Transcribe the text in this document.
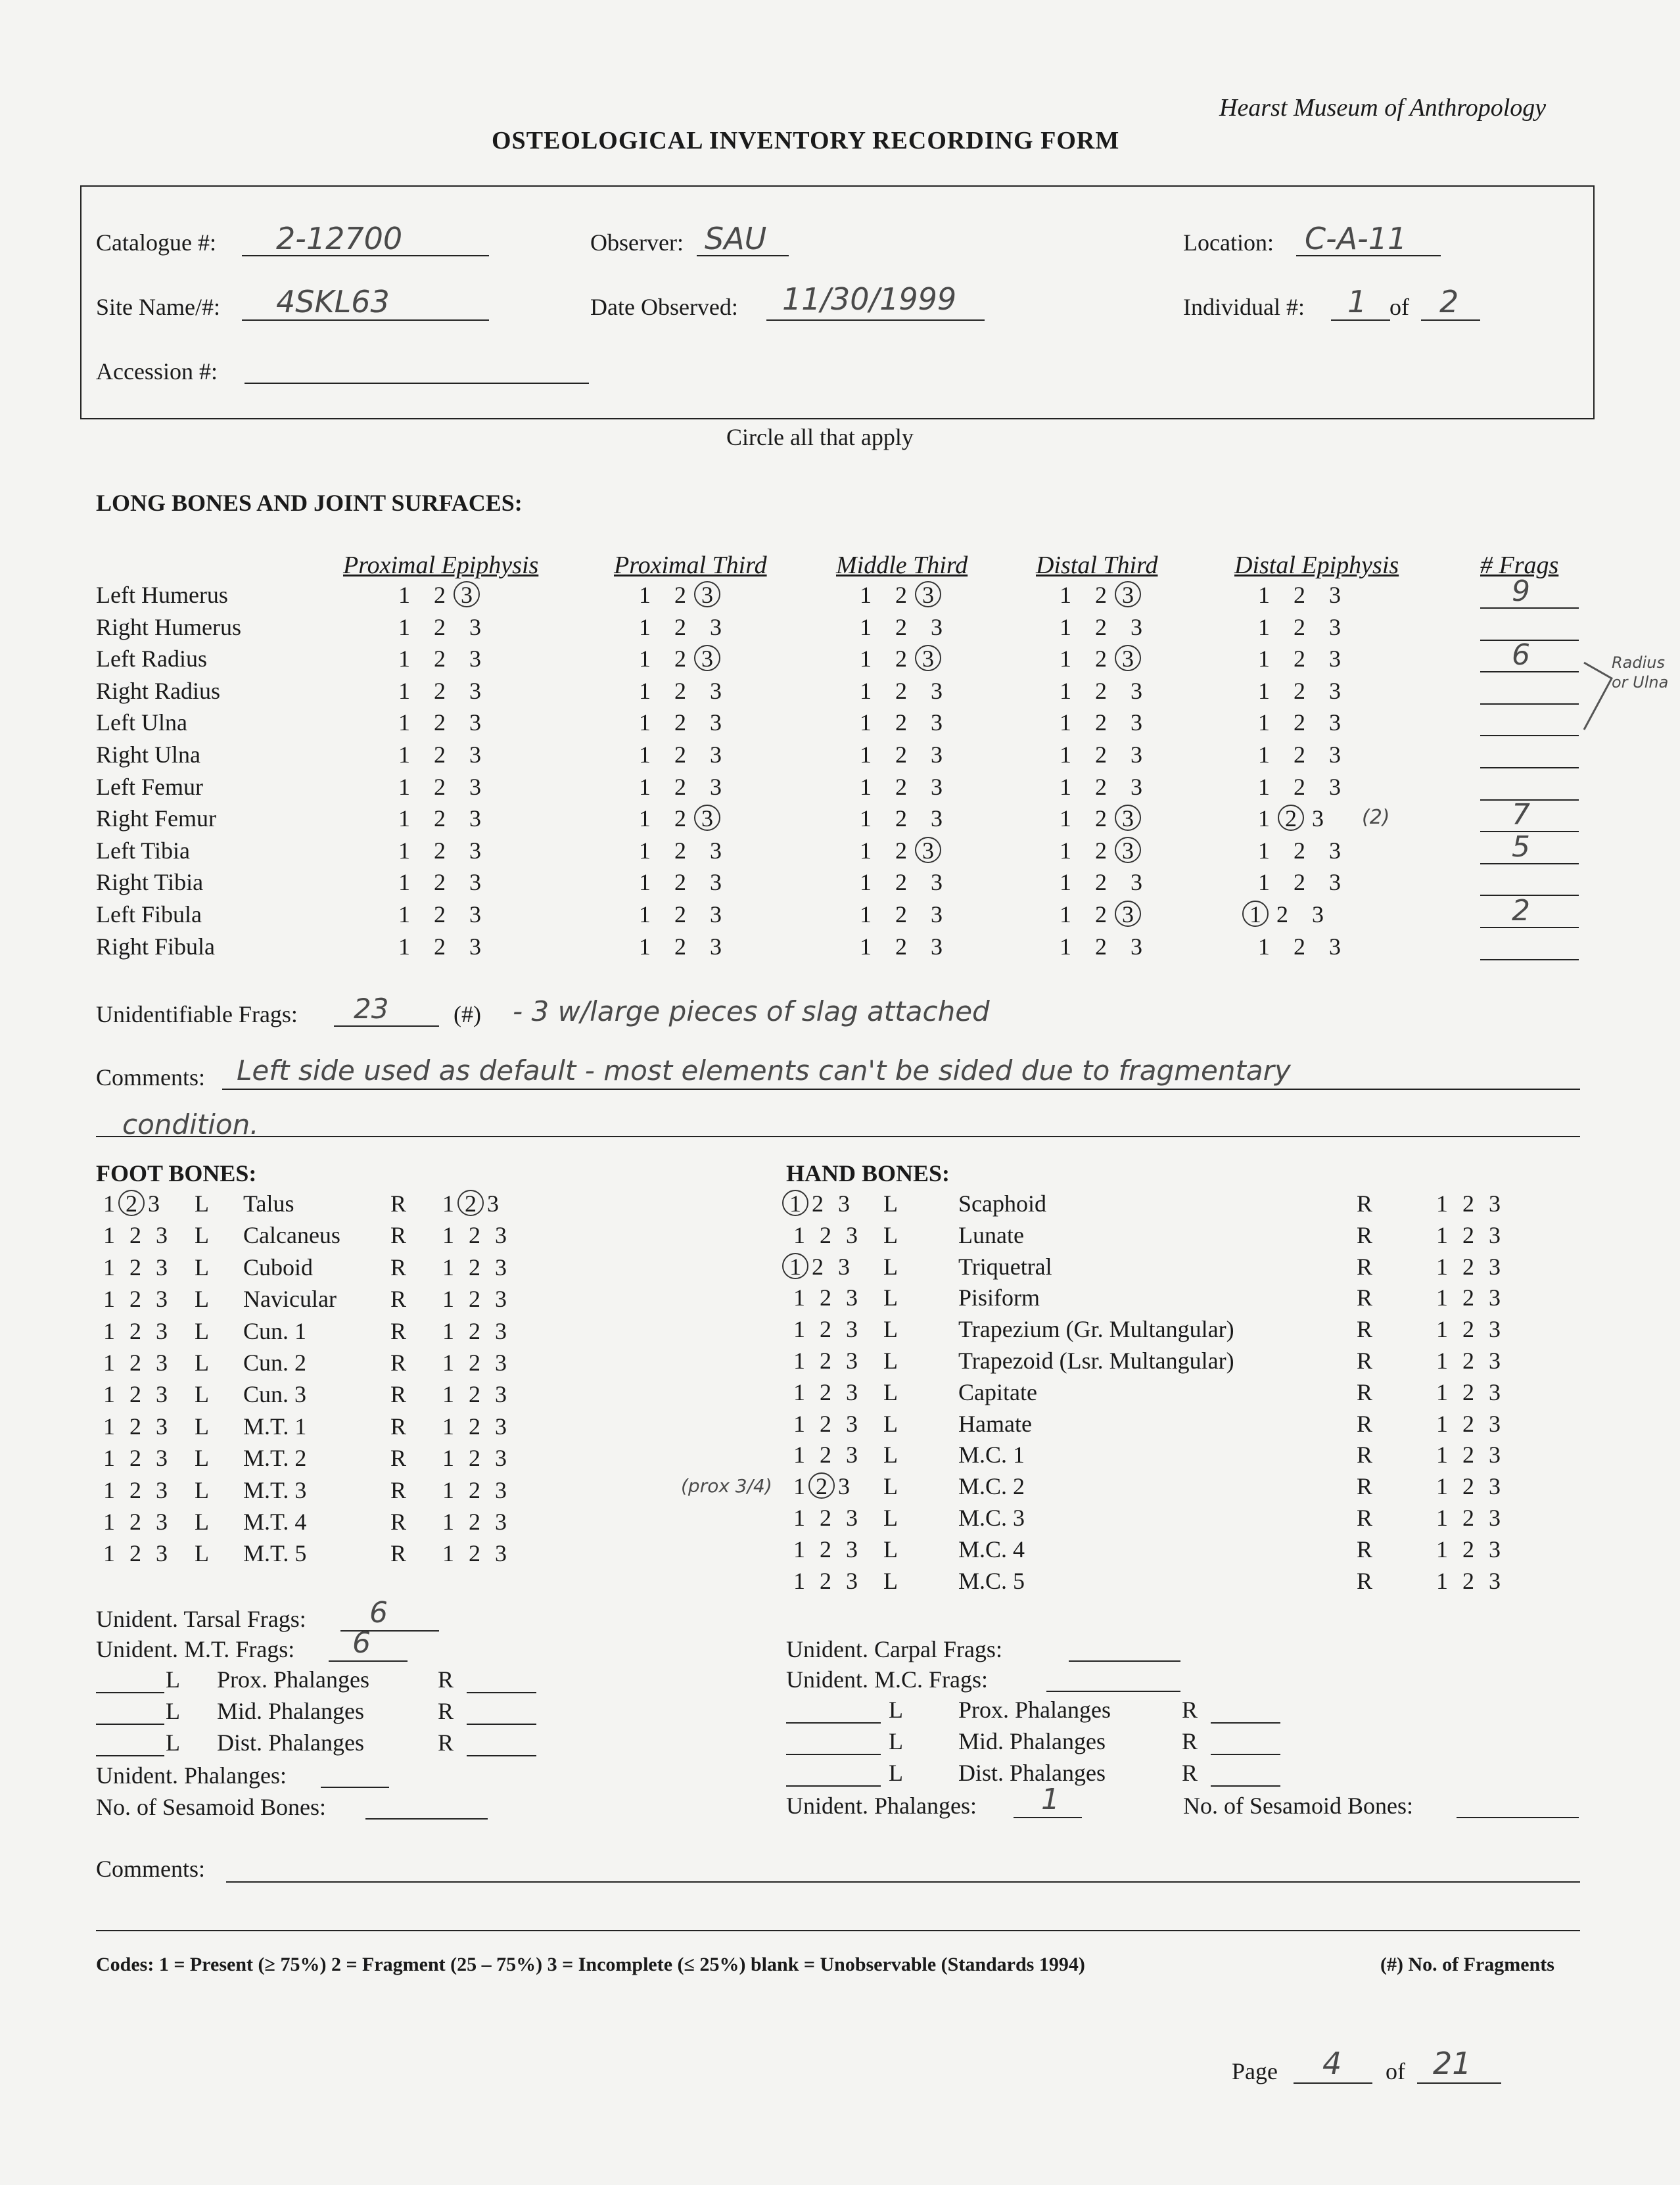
Hearst Museum of Anthropology
OSTEOLOGICAL INVENTORY RECORDING FORM
Catalogue #: 2-12700	Observer: SAU	Location: C-A-11
Site Name/#: 4SKL63	Date Observed: 11/30/1999	Individual #: 1 of 2
Accession #:
Circle all that apply
LONG BONES AND JOINT SURFACES:
Proximal Epiphysis	Proximal Third	Middle Third	Distal Third	Distal Epiphysis	# Frags
Left Humerus	1 2 3	1 2 3	1 2 3	1 2 3	1 2 3	9
Right Humerus	1 2 3	1 2 3	1 2 3	1 2 3	1 2 3
Left Radius	1 2 3	1 2 3	1 2 3	1 2 3	1 2 3	6
Right Radius	1 2 3	1 2 3	1 2 3	1 2 3	1 2 3
Left Ulna	1 2 3	1 2 3	1 2 3	1 2 3	1 2 3
Right Ulna	1 2 3	1 2 3	1 2 3	1 2 3	1 2 3
Left Femur	1 2 3	1 2 3	1 2 3	1 2 3	1 2 3
Right Femur	1 2 3	1 2 3	1 2 3	1 2 3	1 2 3	7
(2)
Left Tibia	1 2 3	1 2 3	1 2 3	1 2 3	1 2 3	5
Right Tibia	1 2 3	1 2 3	1 2 3	1 2 3	1 2 3
Left Fibula	1 2 3	1 2 3	1 2 3	1 2 3	1 2 3	2
Right Fibula	1 2 3	1 2 3	1 2 3	1 2 3	1 2 3
Radius
or Ulna
Unidentifiable Frags: 23	(#) - 3 w/large pieces of slag attached
Comments: Left side used as default - most elements can't be sided due to fragmentary
condition.
FOOT BONES:	HAND BONES:
1 2 3	L Talus	R	1 2 3
1 2 3	L Calcaneus R	1 2 3
1 2 3	L Cuboid	R	1 2 3
1 2 3	L Navicular R	1 2 3
1 2 3	L Cun. 1	R	1 2 3
1 2 3	L Cun. 2	R	1 2 3
1 2 3	L Cun. 3	R	1 2 3
1 2 3	L M.T. 1	R	1 2 3
1 2 3	L M.T. 2	R	1 2 3
1 2 3	L M.T. 3	R	1 2 3
1 2 3	L M.T. 4	R	1 2 3
1 2 3	L M.T. 5	R	1 2 3
1 2 3	L	Scaphoid	R	1 2 3
1 2 3	L	Lunate	R	1 2 3
1 2 3	L	Triquetral	R	1 2 3
1 2 3	L	Pisiform	R	1 2 3
1 2 3	L	Trapezium (Gr. Multangular)	R	1 2 3
1 2 3	L	Trapezoid (Lsr. Multangular)	R	1 2 3
1 2 3	L	Capitate	R	1 2 3
1 2 3	L	Hamate	R	1 2 3
1 2 3	L	M.C. 1	R	1 2 3
1 2 3	L	M.C. 2	R	1 2 3
1 2 3	L	M.C. 3	R	1 2 3
1 2 3	L	M.C. 4	R	1 2 3
1 2 3	L	M.C. 5	R	1 2 3
(prox 3/4)
Unident. Tarsal Frags: 6
Unident. M.T. Frags: 6
L Prox. Phalanges	R
L Mid. Phalanges	R
L Dist. Phalanges	R
Unident. Phalanges:
No. of Sesamoid Bones:
Unident. Carpal Frags:
Unident. M.C. Frags:
L Prox. Phalanges	R
L Mid. Phalanges	R
L Dist. Phalanges	R
Unident. Phalanges: 1	No. of Sesamoid Bones:
Comments:
Codes: 1 = Present (≥ 75%) 2 = Fragment (25 – 75%) 3 = Incomplete (≤ 25%) blank = Unobservable (Standards 1994)	(#) No. of Fragments
Page 4 of 21
